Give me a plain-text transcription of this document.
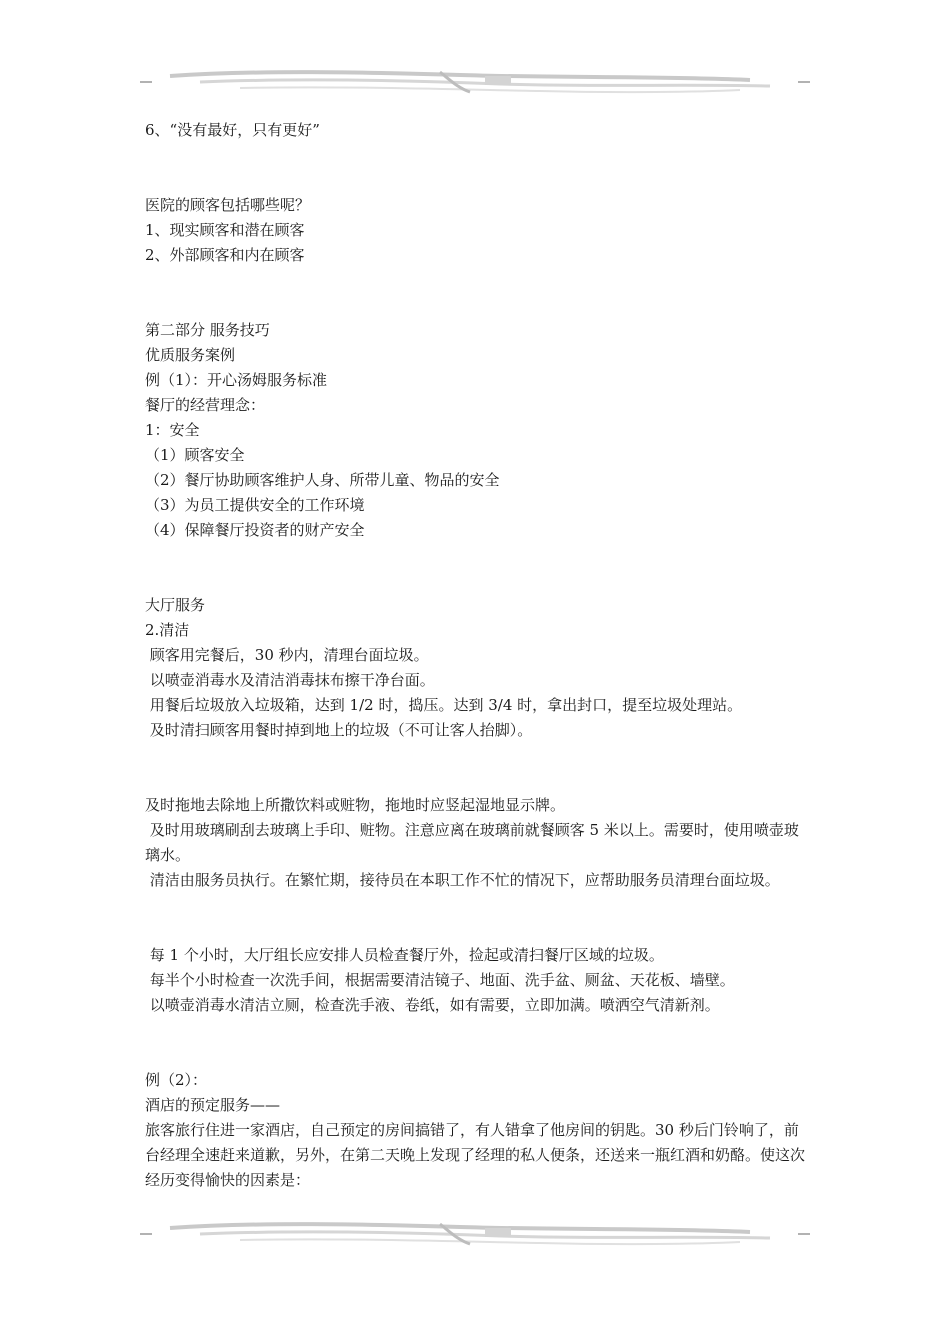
6、“没有最好，只有更好”

医院的顾客包括哪些呢？

1、现实顾客和潜在顾客

2、外部顾客和内在顾客

第二部分 服务技巧

优质服务案例

例（1）：开心汤姆服务标准

餐厅的经营理念：

1：安全

（1）顾客安全

（2）餐厅协助顾客维护人身、所带儿童、物品的安全

（3）为员工提供安全的工作环境

（4）保障餐厅投资者的财产安全

大厅服务

2.清洁

顾客用完餐后，30 秒内，清理台面垃圾。

以喷壶消毒水及清洁消毒抹布擦干净台面。

用餐后垃圾放入垃圾箱，达到 1/2 时，捣压。达到 3/4 时，拿出封口，提至垃圾处理站。

及时清扫顾客用餐时掉到地上的垃圾（不可让客人抬脚）。

及时拖地去除地上所撒饮料或赃物，拖地时应竖起湿地显示牌。

及时用玻璃刷刮去玻璃上手印、赃物。注意应离在玻璃前就餐顾客 5 米以上。需要时，使用喷壶玻璃水。

清洁由服务员执行。在繁忙期，接待员在本职工作不忙的情况下，应帮助服务员清理台面垃圾。

每 1 个小时，大厅组长应安排人员检查餐厅外，捡起或清扫餐厅区域的垃圾。

每半个小时检查一次洗手间，根据需要清洁镜子、地面、洗手盆、厕盆、天花板、墙壁。

以喷壶消毒水清洁立厕，检查洗手液、卷纸，如有需要，立即加满。喷洒空气清新剂。

例（2）：

酒店的预定服务——

旅客旅行住进一家酒店，自己预定的房间搞错了，有人错拿了他房间的钥匙。30 秒后门铃响了，前台经理全速赶来道歉，另外，在第二天晚上发现了经理的私人便条，还送来一瓶红酒和奶酪。使这次经历变得愉快的因素是：
